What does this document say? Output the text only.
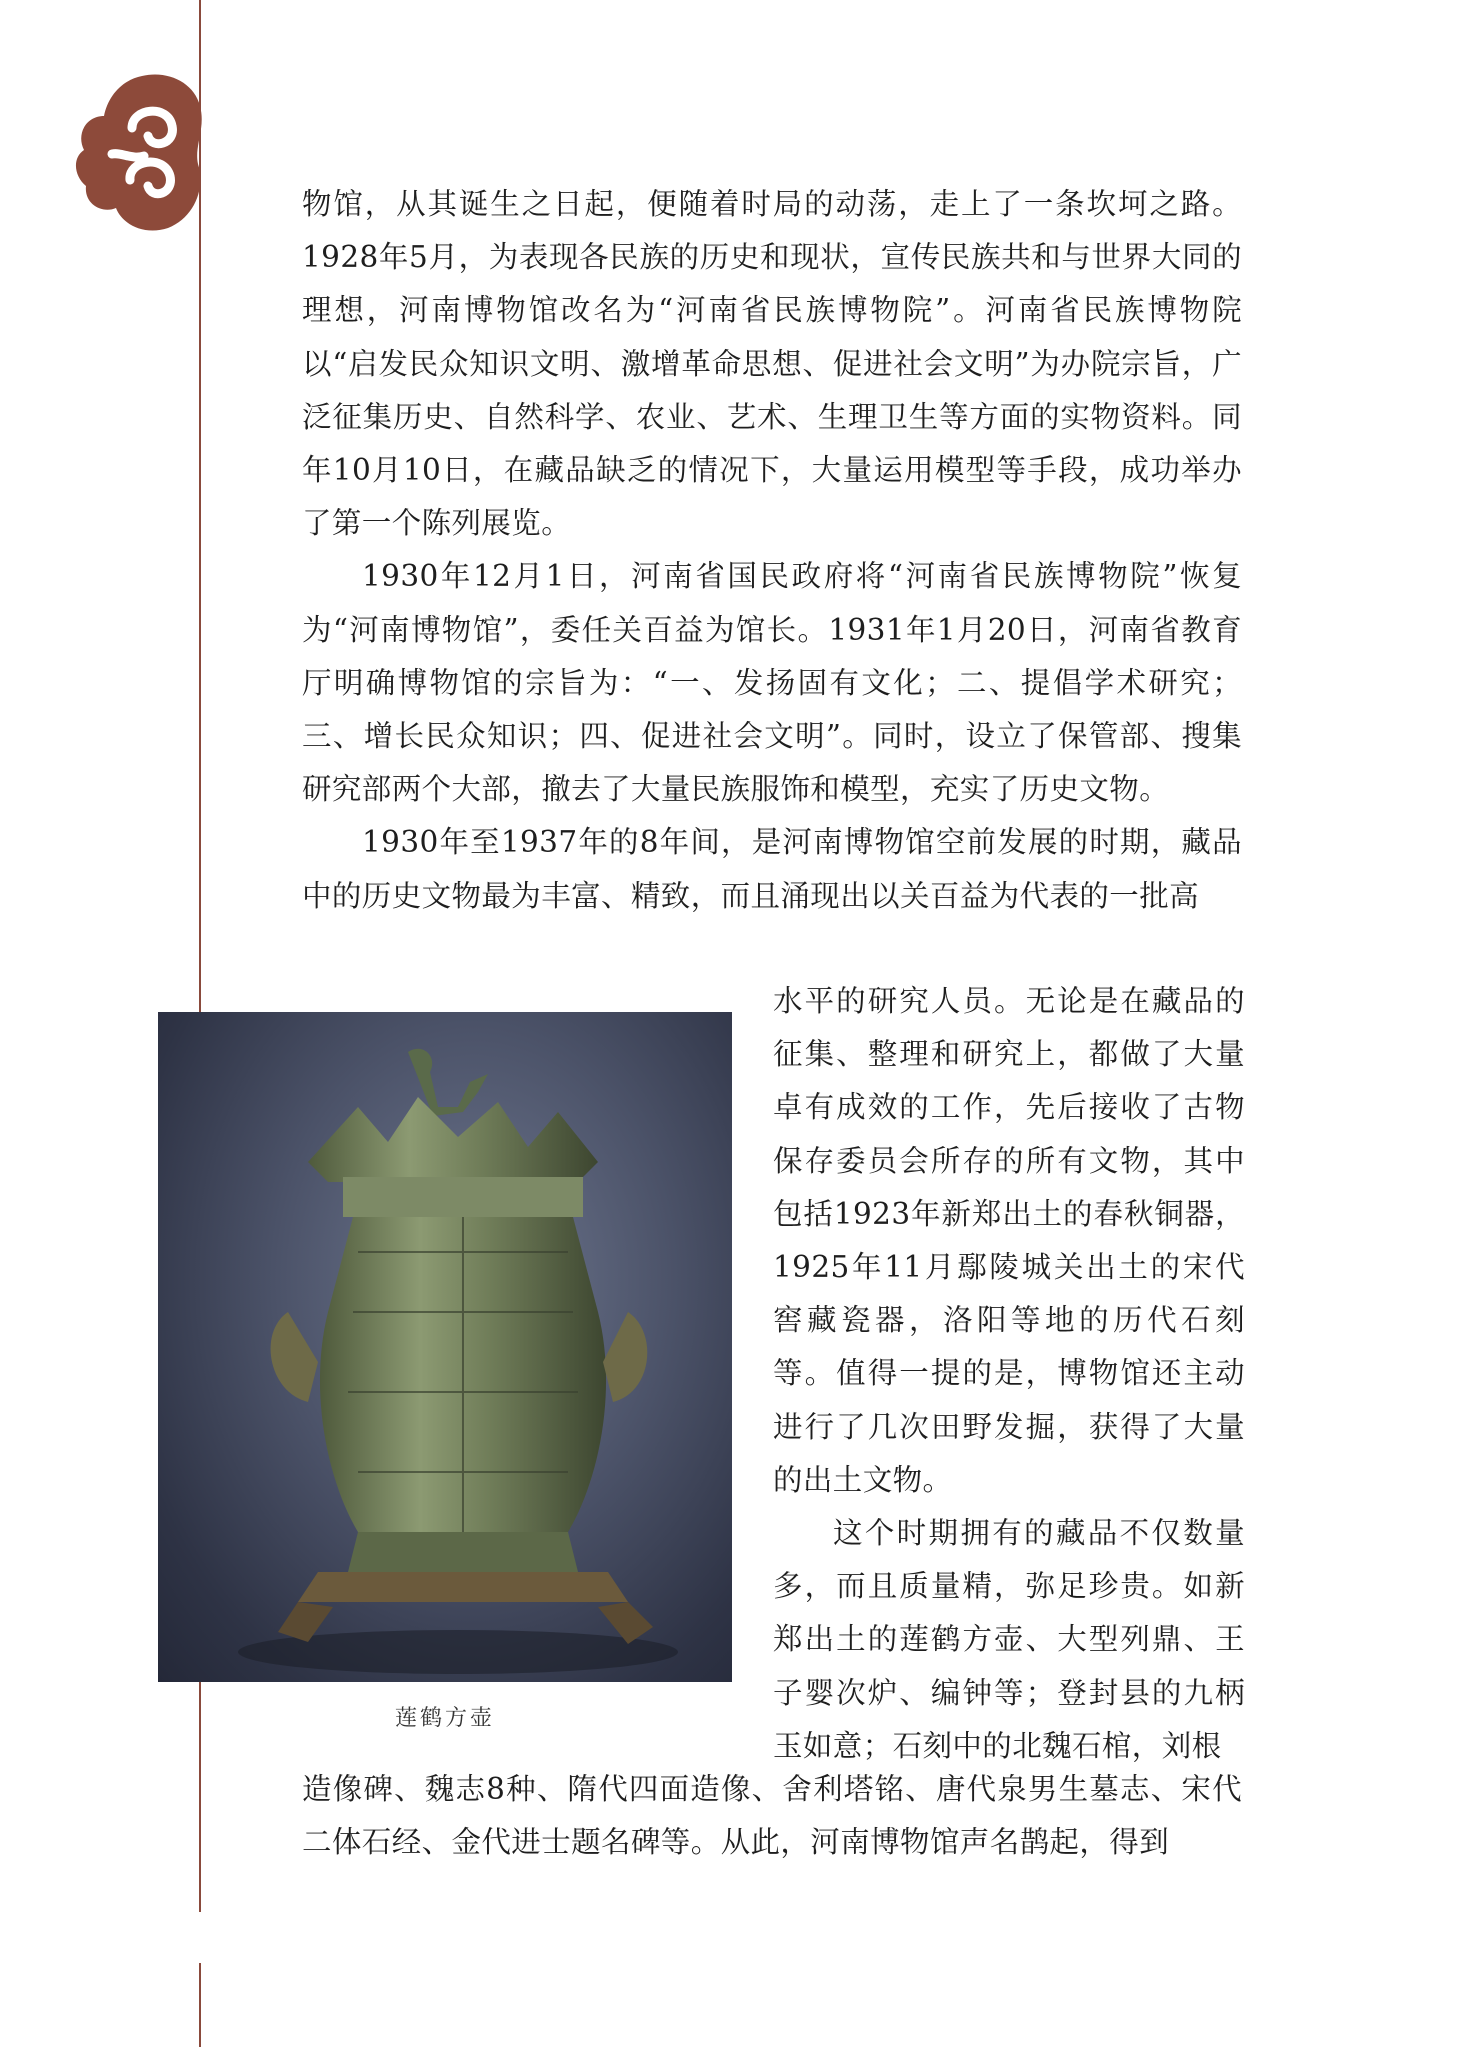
物馆，从其诞生之日起，便随着时局的动荡，走上了一条坎坷之路。1928年5月，为表现各民族的历史和现状，宣传民族共和与世界大同的理想，河南博物馆改名为“河南省民族博物院”。河南省民族博物院以“启发民众知识文明、激增革命思想、促进社会文明”为办院宗旨，广泛征集历史、自然科学、农业、艺术、生理卫生等方面的实物资料。同年10月10日，在藏品缺乏的情况下，大量运用模型等手段，成功举办了第一个陈列展览。

1930年12月1日，河南省国民政府将“河南省民族博物院”恢复为“河南博物馆”，委任关百益为馆长。1931年1月20日，河南省教育厅明确博物馆的宗旨为：“一、发扬固有文化；二、提倡学术研究；三、增长民众知识；四、促进社会文明”。同时，设立了保管部、搜集研究部两个大部，撤去了大量民族服饰和模型，充实了历史文物。

1930年至1937年的8年间，是河南博物馆空前发展的时期，藏品中的历史文物最为丰富、精致，而且涌现出以关百益为代表的一批高

莲鹤方壶

水平的研究人员。无论是在藏品的征集、整理和研究上，都做了大量卓有成效的工作，先后接收了古物保存委员会所存的所有文物，其中包括1923年新郑出土的春秋铜器，1925年11月鄢陵城关出土的宋代窖藏瓷器，洛阳等地的历代石刻等。值得一提的是，博物馆还主动进行了几次田野发掘，获得了大量的出土文物。

这个时期拥有的藏品不仅数量多，而且质量精，弥足珍贵。如新郑出土的莲鹤方壶、大型列鼎、王子婴次炉、编钟等；登封县的九柄玉如意；石刻中的北魏石棺，刘根

造像碑、魏志8种、隋代四面造像、舍利塔铭、唐代泉男生墓志、宋代二体石经、金代进士题名碑等。从此，河南博物馆声名鹊起，得到
